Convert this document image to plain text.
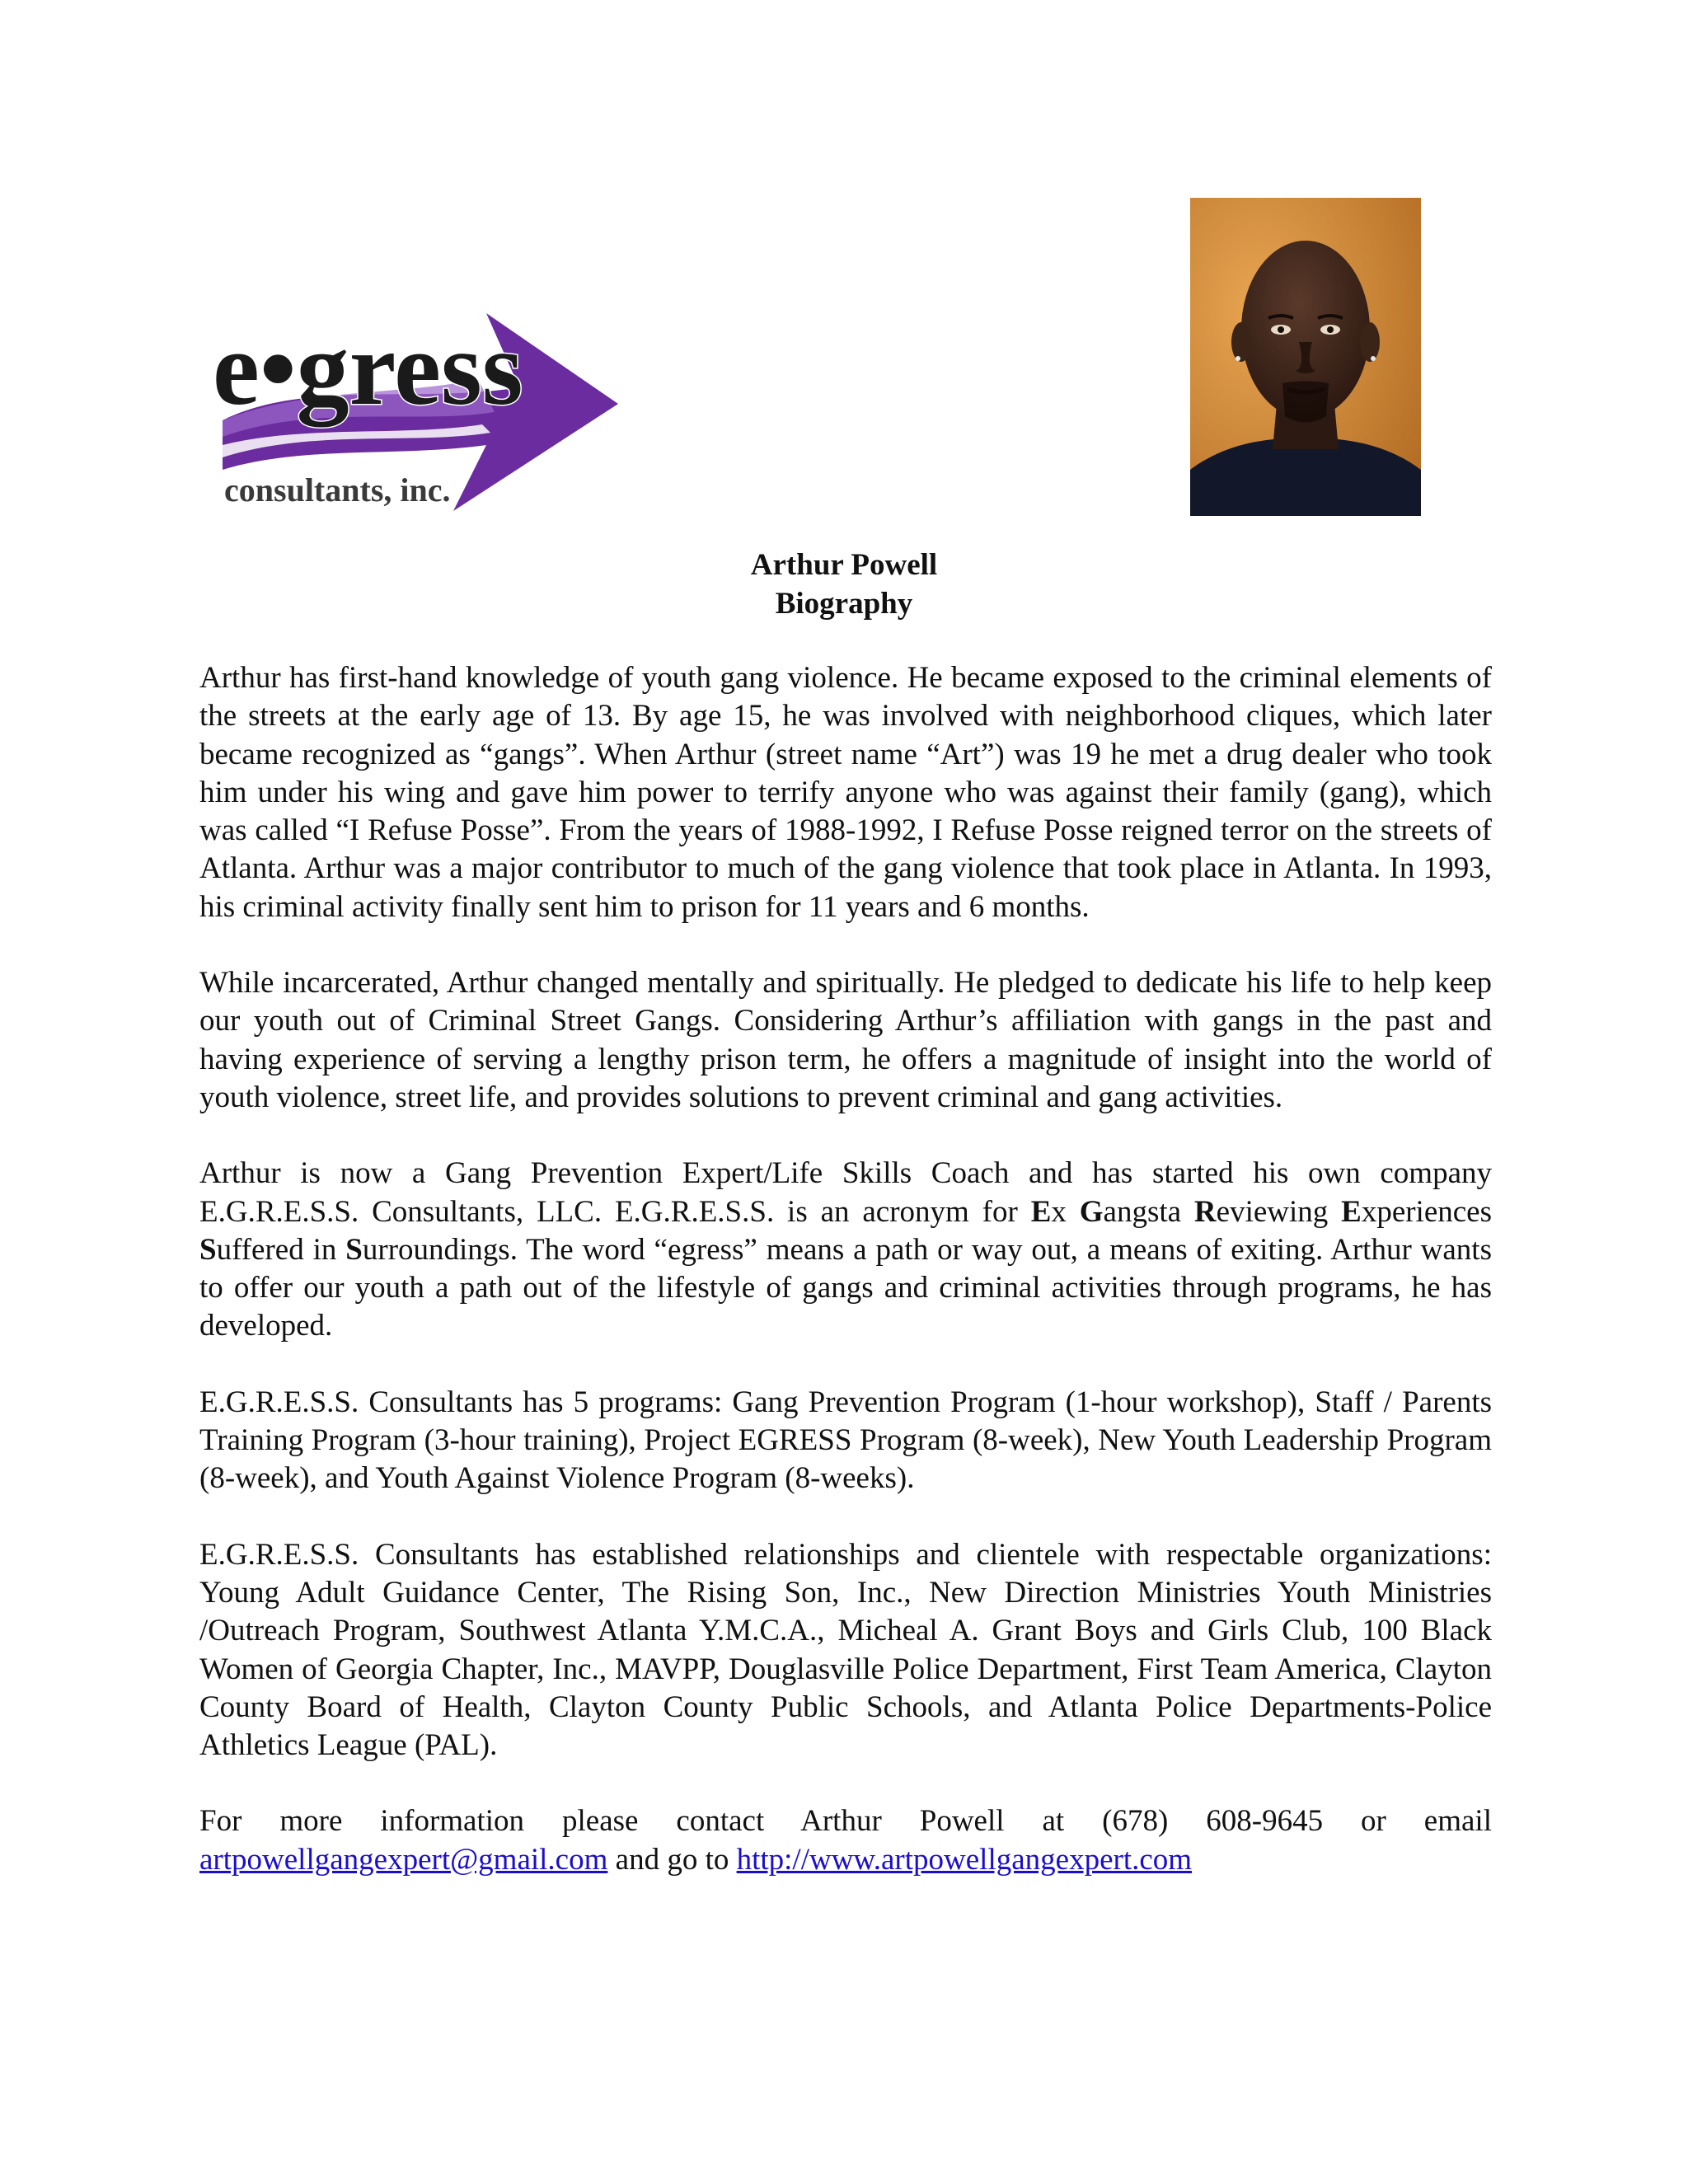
e•gress
consultants, inc.
Arthur Powell
Biography

Arthur has first-hand knowledge of youth gang violence. He became exposed to the criminal elements of the streets at the early age of 13. By age 15, he was involved with neighborhood cliques, which later became recognized as “gangs”. When Arthur (street name “Art”) was 19 he met a drug dealer who took him under his wing and gave him power to terrify anyone who was against their family (gang), which was called “I Refuse Posse”. From the years of 1988-1992, I Refuse Posse reigned terror on the streets of Atlanta. Arthur was a major contributor to much of the gang violence that took place in Atlanta. In 1993, his criminal activity finally sent him to prison for 11 years and 6 months.

While incarcerated, Arthur changed mentally and spiritually. He pledged to dedicate his life to help keep our youth out of Criminal Street Gangs. Considering Arthur’s affiliation with gangs in the past and having experience of serving a lengthy prison term, he offers a magnitude of insight into the world of youth violence, street life, and provides solutions to prevent criminal and gang activities.

Arthur is now a Gang Prevention Expert/Life Skills Coach and has started his own company E.G.R.E.S.S. Consultants, LLC. E.G.R.E.S.S. is an acronym for Ex Gangsta Reviewing Experiences Suffered in Surroundings. The word “egress” means a path or way out, a means of exiting. Arthur wants to offer our youth a path out of the lifestyle of gangs and criminal activities through programs, he has developed.

E.G.R.E.S.S. Consultants has 5 programs: Gang Prevention Program (1-hour workshop), Staff / Parents Training Program (3-hour training), Project EGRESS Program (8-week), New Youth Leadership Program (8-week), and Youth Against Violence Program (8-weeks).

E.G.R.E.S.S. Consultants has established relationships and clientele with respectable organizations: Young Adult Guidance Center, The Rising Son, Inc., New Direction Ministries Youth Ministries /Outreach Program, Southwest Atlanta Y.M.C.A., Micheal A. Grant Boys and Girls Club, 100 Black Women of Georgia Chapter, Inc., MAVPP, Douglasville Police Department, First Team America, Clayton County Board of Health, Clayton County Public Schools, and Atlanta Police Departments-Police Athletics League (PAL).

For more information please contact Arthur Powell at (678) 608-9645 or email artpowellgangexpert@gmail.com and go to http://www.artpowellgangexpert.com
